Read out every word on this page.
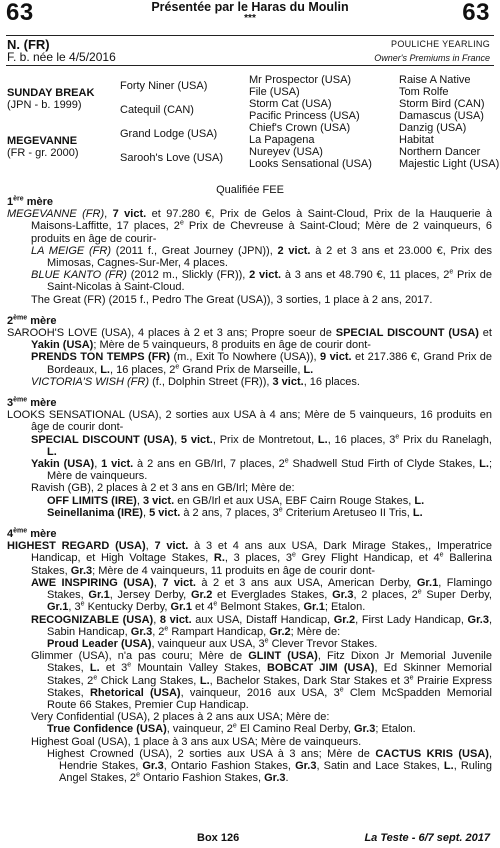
63	63
Présentée par le Haras du Moulin
***
N. (FR)
F. b. née le 4/5/2016
POULICHE YEARLING
Owner's Premiums in France
SUNDAY BREAK
(JPN - b. 1999)
MEGEVANNE
(FR - gr. 2000)
Forty Niner (USA)
Catequil (CAN)
Grand Lodge (USA)
Sarooh's Love (USA)
Mr Prospector (USA)
File (USA)
Storm Cat (USA)
Pacific Princess (USA)
Chief's Crown (USA)
La Papagena
Nureyev (USA)
Looks Sensational (USA)
Raise A Native
Tom Rolfe
Storm Bird (CAN)
Damascus (USA)
Danzig (USA)
Habitat
Northern Dancer
Majestic Light (USA)
Qualifiée FEE
1ère mère
MEGEVANNE (FR), 7 vict. et 97.280 €, Prix de Gelos à Saint-Cloud, Prix de la Hauquerie à Maisons-Laffitte, 17 places, 2e Prix de Chevreuse à Saint-Cloud; Mère de 2 vainqueurs, 6 produits en âge de courir-
LA MEIGE (FR) (2011 f., Great Journey (JPN)), 2 vict. à 2 et 3 ans et 23.000 €, Prix des Mimosas, Cagnes-Sur-Mer, 4 places.
BLUE KANTO (FR) (2012 m., Slickly (FR)), 2 vict. à 3 ans et 48.790 €, 11 places, 2e Prix de Saint-Nicolas à Saint-Cloud.
The Great (FR) (2015 f., Pedro The Great (USA)), 3 sorties, 1 place à 2 ans, 2017.
2ème mère
SAROOH'S LOVE (USA), 4 places à 2 et 3 ans; Propre soeur de SPECIAL DISCOUNT (USA) et Yakin (USA); Mère de 5 vainqueurs, 8 produits en âge de courir dont-
PRENDS TON TEMPS (FR) (m., Exit To Nowhere (USA)), 9 vict. et 217.386 €, Grand Prix de Bordeaux, L., 16 places, 2e Grand Prix de Marseille, L.
VICTORIA'S WISH (FR) (f., Dolphin Street (FR)), 3 vict., 16 places.
3ème mère
LOOKS SENSATIONAL (USA), 2 sorties aux USA à 4 ans; Mère de 5 vainqueurs, 16 produits en âge de courir dont-
SPECIAL DISCOUNT (USA), 5 vict., Prix de Montretout, L., 16 places, 3e Prix du Ranelagh, L.
Yakin (USA), 1 vict. à 2 ans en GB/Irl, 7 places, 2e Shadwell Stud Firth of Clyde Stakes, L.; Mère de vainqueurs.
Ravish (GB), 2 places à 2 et 3 ans en GB/Irl; Mère de:
OFF LIMITS (IRE), 3 vict. en GB/Irl et aux USA, EBF Cairn Rouge Stakes, L.
Seinellanima (IRE), 5 vict. à 2 ans, 7 places, 3e Criterium Aretuseo II Tris, L.
4ème mère
HIGHEST REGARD (USA), 7 vict. à 3 et 4 ans aux USA, Dark Mirage Stakes,, Imperatrice Handicap, et High Voltage Stakes, R., 3 places, 3e Grey Flight Handicap, et 4e Ballerina Stakes, Gr.3; Mère de 4 vainqueurs, 11 produits en âge de courir dont-
AWE INSPIRING (USA), 7 vict. à 2 et 3 ans aux USA, American Derby, Gr.1, Flamingo Stakes, Gr.1, Jersey Derby, Gr.2 et Everglades Stakes, Gr.3, 2 places, 2e Super Derby, Gr.1, 3e Kentucky Derby, Gr.1 et 4e Belmont Stakes, Gr.1; Etalon.
RECOGNIZABLE (USA), 8 vict. aux USA, Distaff Handicap, Gr.2, First Lady Handicap, Gr.3, Sabin Handicap, Gr.3, 2e Rampart Handicap, Gr.2; Mère de:
Proud Leader (USA), vainqueur aux USA, 3e Clever Trevor Stakes.
Glimmer (USA), n'a pas couru; Mère de GLINT (USA), Fitz Dixon Jr Memorial Juvenile Stakes, L. et 3e Mountain Valley Stakes, BOBCAT JIM (USA), Ed Skinner Memorial Stakes, 2e Chick Lang Stakes, L., Bachelor Stakes, Dark Star Stakes et 3e Prairie Express Stakes, Rhetorical (USA), vainqueur, 2016 aux USA, 3e Clem McSpadden Memorial Route 66 Stakes, Premier Cup Handicap.
Very Confidential (USA), 2 places à 2 ans aux USA; Mère de:
True Confidence (USA), vainqueur, 2e El Camino Real Derby, Gr.3; Etalon.
Highest Goal (USA), 1 place à 3 ans aux USA; Mère de vainqueurs.
Highest Crowned (USA), 2 sorties aux USA à 3 ans; Mère de CACTUS KRIS (USA), Hendrie Stakes, Gr.3, Ontario Fashion Stakes, Gr.3, Satin and Lace Stakes, L., Ruling Angel Stakes, 2e Ontario Fashion Stakes, Gr.3.
Box 126	La Teste - 6/7 sept. 2017
